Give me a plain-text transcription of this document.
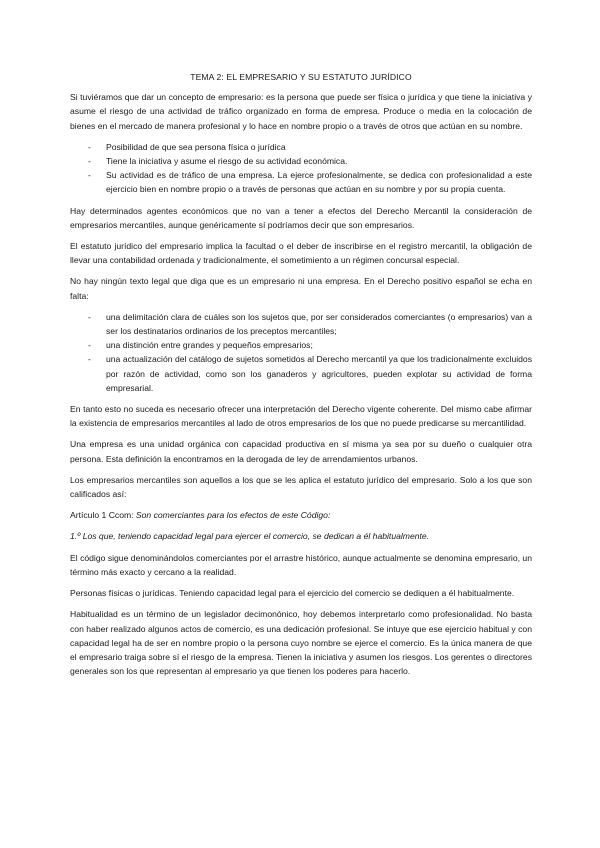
TEMA 2: EL EMPRESARIO Y SU ESTATUTO JURÍDICO

Si tuviéramos que dar un concepto de empresario: es la persona que puede ser física o jurídica y que tiene la iniciativa y asume el riesgo de una actividad de tráfico organizado en forma de empresa. Produce o media en la colocación de bienes en el mercado de manera profesional y lo hace en nombre propio o a través de otros que actúan en su nombre.

- Posibilidad de que sea persona física o jurídica
- Tiene la iniciativa y asume el riesgo de su actividad económica.
- Su actividad es de tráfico de una empresa. La ejerce profesionalmente, se dedica con profesionalidad a este ejercicio bien en nombre propio o a través de personas que actúan en su nombre y por su propia cuenta.

Hay determinados agentes económicos que no van a tener a efectos del Derecho Mercantil la consideración de empresarios mercantiles, aunque genéricamente sí podríamos decir que son empresarios.

El estatuto jurídico del empresario implica la facultad o el deber de inscribirse en el registro mercantil, la obligación de llevar una contabilidad ordenada y tradicionalmente, el sometimiento a un régimen concursal especial.

No hay ningún texto legal que diga que es un empresario ni una empresa. En el Derecho positivo español se echa en falta:

- una delimitación clara de cuáles son los sujetos que, por ser considerados comerciantes (o empresarios) van a ser los destinatarios ordinarios de los preceptos mercantiles;
- una distinción entre grandes y pequeños empresarios;
- una actualización del catálogo de sujetos sometidos al Derecho mercantil ya que los tradicionalmente excluidos por razón de actividad, como son los ganaderos y agricultores, pueden explotar su actividad de forma empresarial.

En tanto esto no suceda es necesario ofrecer una interpretación del Derecho vigente coherente. Del mismo cabe afirmar la existencia de empresarios mercantiles al lado de otros empresarios de los que no puede predicarse su mercantilidad.

Una empresa es una unidad orgánica con capacidad productiva en sí misma ya sea por su dueño o cualquier otra persona. Esta definición la encontramos en la derogada de ley de arrendamientos urbanos.

Los empresarios mercantiles son aquellos a los que se les aplica el estatuto jurídico del empresario. Solo a los que son calificados así:

Artículo 1 Ccom: Son comerciantes para los efectos de este Código:

1.º Los que, teniendo capacidad legal para ejercer el comercio, se dedican a él habitualmente.

El código sigue denominándolos comerciantes por el arrastre histórico, aunque actualmente se denomina empresario, un término más exacto y cercano a la realidad.

Personas físicas o jurídicas. Teniendo capacidad legal para el ejercicio del comercio se dediquen a él habitualmente.

Habitualidad es un término de un legislador decimonónico, hoy debemos interpretarlo como profesionalidad. No basta con haber realizado algunos actos de comercio, es una dedicación profesional. Se intuye que ese ejercicio habitual y con capacidad legal ha de ser en nombre propio o la persona cuyo nombre se ejerce el comercio. Es la única manera de que el empresario traiga sobre sí el riesgo de la empresa. Tienen la iniciativa y asumen los riesgos. Los gerentes o directores generales son los que representan al empresario ya que tienen los poderes para hacerlo.
